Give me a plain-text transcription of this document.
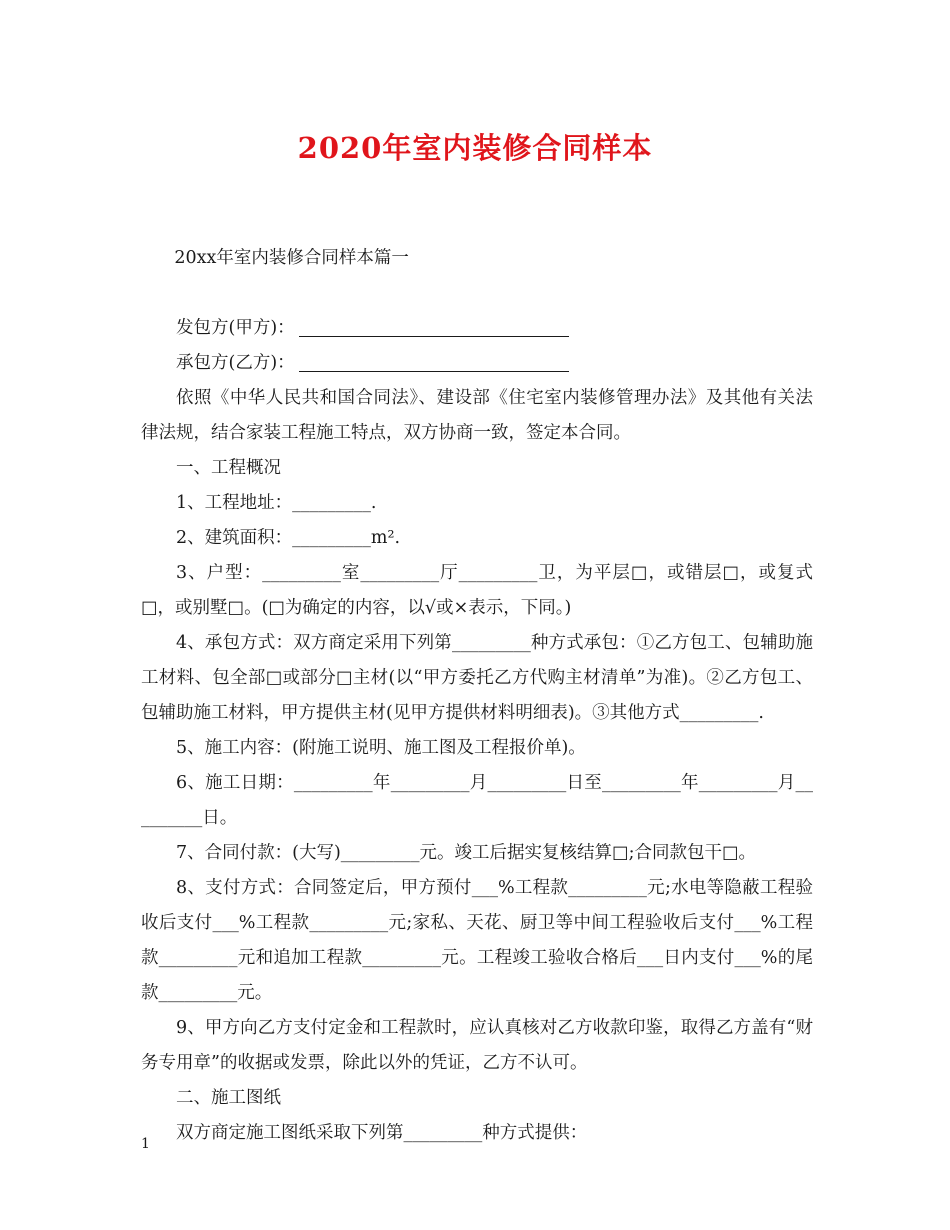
2020年室内装修合同样本

20xx年室内装修合同样本篇一

发包方(甲方)：

承包方(乙方)：

依照《中华人民共和国合同法》、建设部《住宅室内装修管理办法》及其他有关法律法规，结合家装工程施工特点，双方协商一致，签定本合同。

一、工程概况

1、工程地址：_________.

2、建筑面积：_________m².

3、户型：_________室_________厅_________卫，为平层□，或错层□，或复式□，或别墅□。(□为确定的内容，以√或×表示，下同。)

4、承包方式：双方商定采用下列第_________种方式承包：①乙方包工、包辅助施工材料、包全部□或部分□主材(以“甲方委托乙方代购主材清单”为准)。②乙方包工、包辅助施工材料，甲方提供主材(见甲方提供材料明细表)。③其他方式_________.

5、施工内容：(附施工说明、施工图及工程报价单)。

6、施工日期：_________年_________月_________日至_________年_________月_________日。

7、合同付款：(大写)_________元。竣工后据实复核结算□;合同款包干□。

8、支付方式：合同签定后，甲方预付___%工程款_________元;水电等隐蔽工程验收后支付___%工程款_________元;家私、天花、厨卫等中间工程验收后支付___%工程款_________元和追加工程款_________元。工程竣工验收合格后___日内支付___%的尾款_________元。

9、甲方向乙方支付定金和工程款时，应认真核对乙方收款印鉴，取得乙方盖有“财务专用章”的收据或发票，除此以外的凭证，乙方不认可。

二、施工图纸

双方商定施工图纸采取下列第_________种方式提供：

1
